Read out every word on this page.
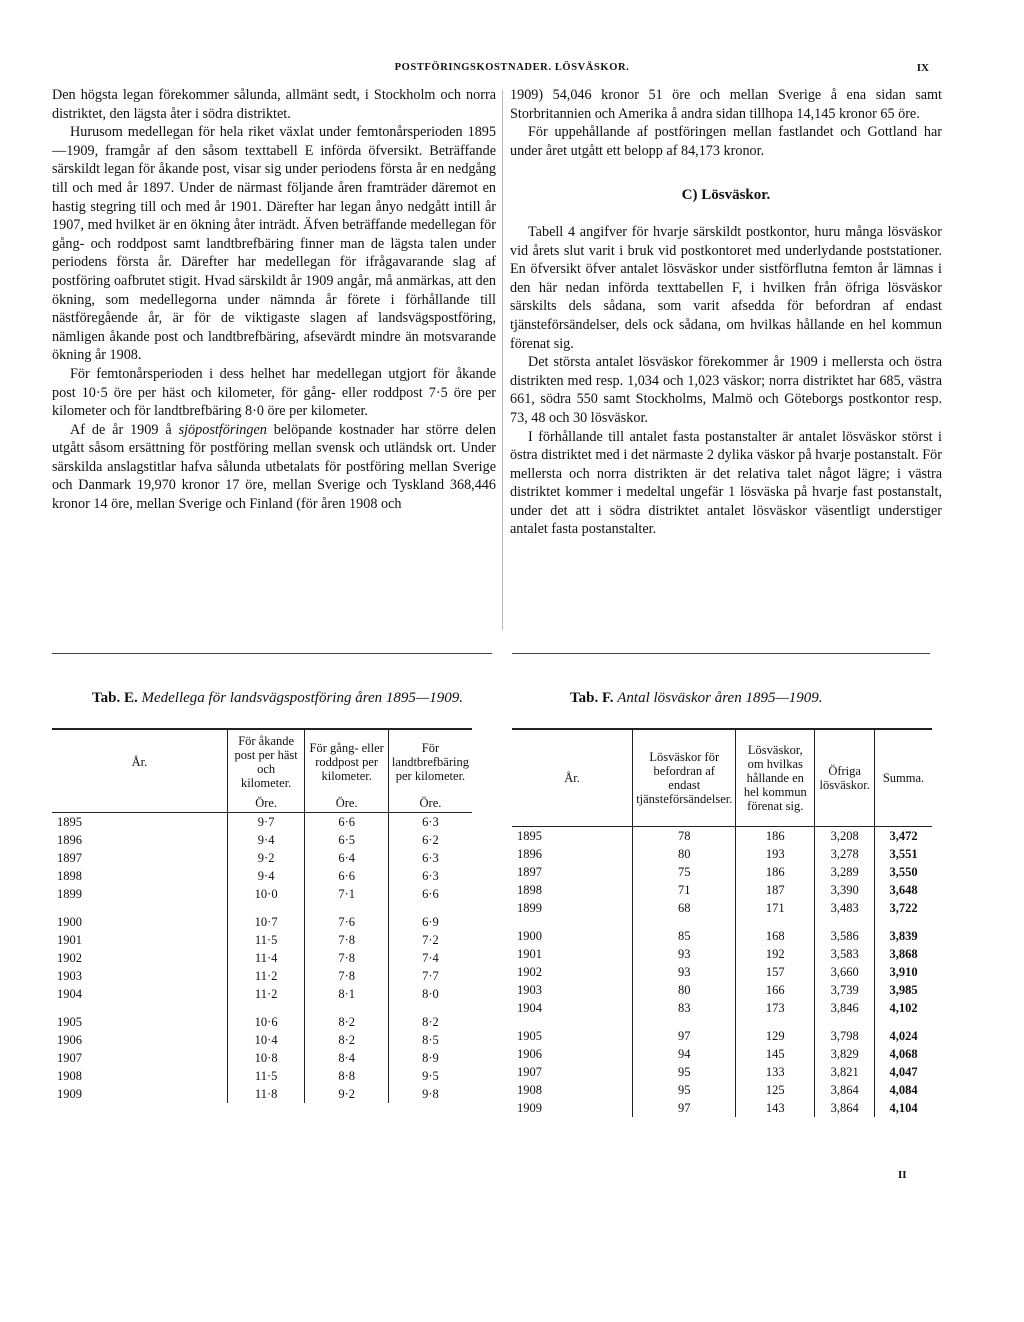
POSTFÖRINGSKOSTNADER. LÖSVÄSKOR.	IX

Den högsta legan förekommer sålunda, allmänt sedt, i Stockholm och norra distriktet, den lägsta åter i södra distriktet.

Hurusom medellegan för hela riket växlat under femtonårsperioden 1895—1909, framgår af den såsom texttabell E införda öfversikt. Beträffande särskildt legan för åkande post, visar sig under periodens första år en nedgång till och med år 1897. Under de närmast följande åren framträder däremot en hastig stegring till och med år 1901. Därefter har legan ånyo nedgått intill år 1907, med hvilket är en ökning åter inträdt. Äfven beträffande medellegan för gång- och roddpost samt landtbrefbäring finner man de lägsta talen under periodens första år. Därefter har medellegan för ifrågavarande slag af postföring oafbrutet stigit. Hvad särskildt år 1909 angår, må anmärkas, att den ökning, som medellegorna under nämnda år förete i förhållande till nästföregående år, är för de viktigaste slagen af landsvägspostföring, nämligen åkande post och landtbrefbäring, afsevärdt mindre än motsvarande ökning år 1908.

För femtonårsperioden i dess helhet har medellegan utgjort för åkande post 10·5 öre per häst och kilometer, för gång- eller roddpost 7·5 öre per kilometer och för landtbrefbäring 8·0 öre per kilometer.

Af de år 1909 å sjöpostföringen belöpande kostnader har större delen utgått såsom ersättning för postföring mellan svensk och utländsk ort. Under särskilda anslagstitlar hafva sålunda utbetalats för postföring mellan Sverige och Danmark 19,970 kronor 17 öre, mellan Sverige och Tyskland 368,446 kronor 14 öre, mellan Sverige och Finland (för åren 1908 och

1909) 54,046 kronor 51 öre och mellan Sverige å ena sidan samt Storbritannien och Amerika å andra sidan tillhopa 14,145 kronor 65 öre.

För uppehållande af postföringen mellan fastlandet och Gottland har under året utgått ett belopp af 84,173 kronor.

C) Lösväskor.

Tabell 4 angifver för hvarje särskildt postkontor, huru många lösväskor vid årets slut varit i bruk vid postkontoret med underlydande poststationer. En öfversikt öfver antalet lösväskor under sistförflutna femton år lämnas i den här nedan införda texttabellen F, i hvilken från öfriga lösväskor särskilts dels sådana, som varit afsedda för befordran af endast tjänsteförsändelser, dels ock sådana, om hvilkas hållande en hel kommun förenat sig.

Det största antalet lösväskor förekommer år 1909 i mellersta och östra distrikten med resp. 1,034 och 1,023 väskor; norra distriktet har 685, västra 661, södra 550 samt Stockholms, Malmö och Göteborgs postkontor resp. 73, 48 och 30 lösväskor.

I förhållande till antalet fasta postanstalter är antalet lösväskor störst i östra distriktet med i det närmaste 2 dylika väskor på hvarje postanstalt. För mellersta och norra distrikten är det relativa talet något lägre; i västra distriktet kommer i medeltal ungefär 1 lösväska på hvarje fast postanstalt, under det att i södra distriktet antalet lösväskor väsentligt understiger antalet fasta postanstalter.

Tab. E. Medellega för landsvägspostföring åren 1895—1909.	Tab. F. Antal lösväskor åren 1895—1909.
År.	För åkande post per häst och kilometer.	För gång- eller roddpost per kilometer.	För landtbrefbäring per kilometer.
	Öre.	Öre.	Öre.
1895	9·7	6·6	6·3
1896	9·4	6·5	6·2
1897	9·2	6·4	6·3
1898	9·4	6·6	6·3
1899	10·0	7·1	6·6

1900	10·7	7·6	6·9
1901	11·5	7·8	7·2
1902	11·4	7·8	7·4
1903	11·2	7·8	7·7
1904	11·2	8·1	8·0

1905	10·6	8·2	8·2
1906	10·4	8·2	8·5
1907	10·8	8·4	8·9
1908	11·5	8·8	9·5
1909	11·8	9·2	9·8
År.	Lösväskor för befordran af endast tjänsteförsändelser.	Lösväskor, om hvilkas hållande en hel kommun förenat sig.	Öfriga lösväskor.	Summa.
1895	78	186	3,208	3,472
1896	80	193	3,278	3,551
1897	75	186	3,289	3,550
1898	71	187	3,390	3,648
1899	68	171	3,483	3,722

1900	85	168	3,586	3,839
1901	93	192	3,583	3,868
1902	93	157	3,660	3,910
1903	80	166	3,739	3,985
1904	83	173	3,846	4,102

1905	97	129	3,798	4,024
1906	94	145	3,829	4,068
1907	95	133	3,821	4,047
1908	95	125	3,864	4,084
1909	97	143	3,864	4,104
II
